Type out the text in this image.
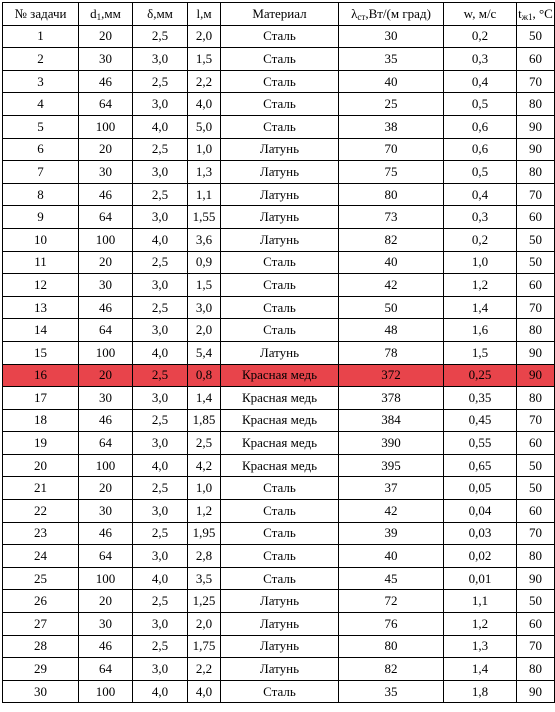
№ задачи	$d_1,мм$	δ,мм	l,м	Материал	$\lambda_{ст},Вт/(м$ град)	w, м/с	$t_{ж1}$, °С
1	20	2,5	2,0	Сталь	30	0,2	50
2	30	3,0	1,5	Сталь	35	0,3	60
3	46	2,5	2,2	Сталь	40	0,4	70
4	64	3,0	4,0	Сталь	25	0,5	80
5	100	4,0	5,0	Сталь	38	0,6	90
6	20	2,5	1,0	Латунь	70	0,6	90
7	30	3,0	1,3	Латунь	75	0,5	80
8	46	2,5	1,1	Латунь	80	0,4	70
9	64	3,0	1,55	Латунь	73	0,3	60
10	100	4,0	3,6	Латунь	82	0,2	50
11	20	2,5	0,9	Сталь	40	1,0	50
12	30	3,0	1,5	Сталь	42	1,2	60
13	46	2,5	3,0	Сталь	50	1,4	70
14	64	3,0	2,0	Сталь	48	1,6	80
15	100	4,0	5,4	Латунь	78	1,5	90
16	20	2,5	0,8	Красная медь	372	0,25	90
17	30	3,0	1,4	Красная медь	378	0,35	80
18	46	2,5	1,85	Красная медь	384	0,45	70
19	64	3,0	2,5	Красная медь	390	0,55	60
20	100	4,0	4,2	Красная медь	395	0,65	50
21	20	2,5	1,0	Сталь	37	0,05	50
22	30	3,0	1,2	Сталь	42	0,04	60
23	46	2,5	1,95	Сталь	39	0,03	70
24	64	3,0	2,8	Сталь	40	0,02	80
25	100	4,0	3,5	Сталь	45	0,01	90
26	20	2,5	1,25	Латунь	72	1,1	50
27	30	3,0	2,0	Латунь	76	1,2	60
28	46	2,5	1,75	Латунь	80	1,3	70
29	64	3,0	2,2	Латунь	82	1,4	80
30	100	4,0	4,0	Сталь	35	1,8	90
